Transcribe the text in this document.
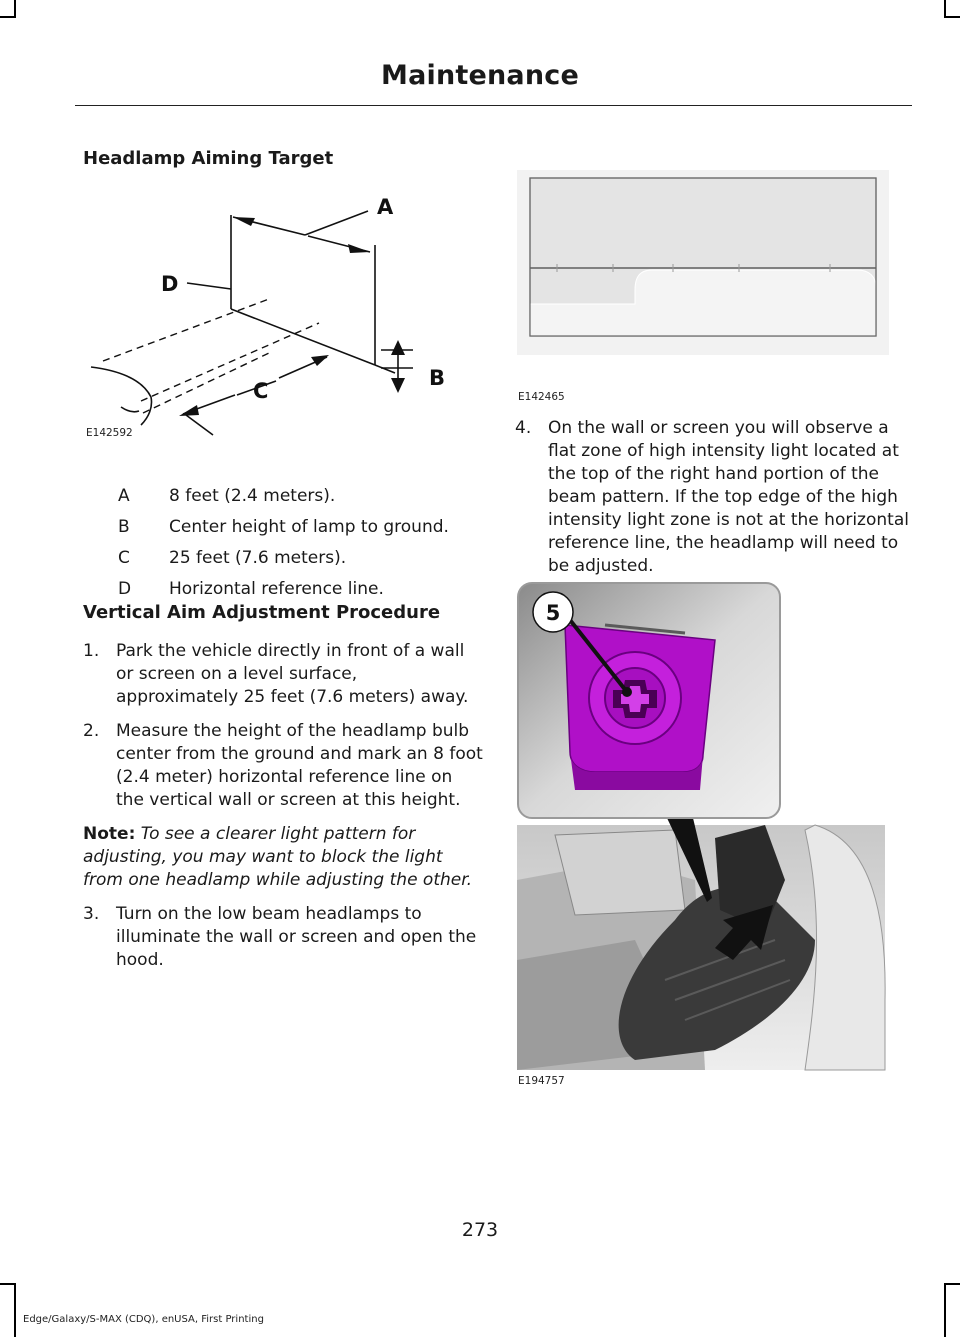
Maintenance
Headlamp Aiming Target
A
B
C
D
E142592
A 8 feet (2.4 meters).
B Center height of lamp to ground.
C 25 feet (7.6 meters).
D Horizontal reference line.
Vertical Aim Adjustment Procedure
1. Park the vehicle directly in front of a wall or screen on a level surface, approximately 25 feet (7.6 meters) away.
2. Measure the height of the headlamp bulb center from the ground and mark an 8 foot (2.4 meter) horizontal reference line on the vertical wall or screen at this height.
Note: To see a clearer light pattern for adjusting, you may want to block the light from one headlamp while adjusting the other.
3. Turn on the low beam headlamps to illuminate the wall or screen and open the hood.
E142465
4. On the wall or screen you will observe a flat zone of high intensity light located at the top of the right hand portion of the beam pattern. If the top edge of the high intensity light zone is not at the horizontal reference line, the headlamp will need to be adjusted.
5
E194757
273
Edge/Galaxy/S-MAX (CDQ), enUSA, First Printing
